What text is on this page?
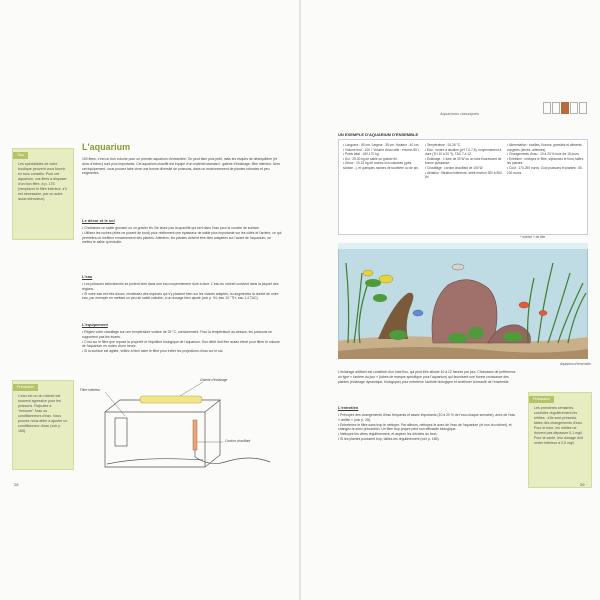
Truc
Les spécialistes de votre boutique peuvent vous fournir en tous conseils. Pour cet aquarium, vos litres à disposer d'un bon filtre, à p. 178 (remplacer le filtre intérieur, s'il est nécessaire, par un autre aussi silencieux).
L'aquarium
100 litres, c'est un bon volume pour un premier aquarium d'ensemble. On peut faire plus petit, mais les risques de déséquilibre (et donc d'échec) sont plus importants. Cet aquarium chauffé est équipé d'un matériel standard : galerie d'éclairage, filtre intérieur. Avec cet équipement, vous pouvez faire vivre une bonne diversité de poissons, dans un environnement de plantes robustes et peu exigeantes.
Le décor et le sol
• Choisissez un sable grossier ou un gravier fin. Ne lavez pas la quantité qui sert dans l'eau pour la couche de surface.
• Utilisez les roches (elles ne posent de bord) pour réellement une épaisseur de sable plus importante sur les côtés et l'arrière, ce qui permettra un meilleur enracinement des plantes. Attention, les plantes doivent être bien adaptées sur l'avant de l'aquarium, ne mettez le sable qu'ensuite.
L'eau
• Les poissons sélectionnés se portent bien dans une eau moyennement dure à dure. L'eau du robinet convient dans la plupart des régions.
• Si votre eau est très douce, choisissez des espèces qui s'y plaisent bien sur les vivants adaptés, ou augmentez la dureté de votre eau, par exemple en mettant un peu de sable calcaire, à un dosage bien ajusté (voir p. 94, eau 10 °TH, eau 1,4 TAC).
L'équipement
• Réglez votre chauffage sur une température voisine de 25 °C, constamment. Pour la température au-dessus, les poissons ne supportent pas les écarts.
• C'est sur le filtre que repose la propreté et l'équilibre biologique de l'aquarium. Son débit doit être assez élevé pour filtrer le volume de l'aquarium en moins d'une heure.
• Si la surface est agitée, veillez à bien caler le filtre pour éviter les projections d'eau sur le sol.
Précaution
L'eau est ou du robinet est souvent agressive pour les poissons. Rajoutez à "mesurer" l'eau ou conditionneurs d'eau. Vous pouvez nous aider à ajouter un conditionneur d'eau (voir p. 185).
Filtre intérieur
Galerie d'éclairage
Cordon chauffant
28
Aquariums classiques
UN EXEMPLE D'AQUARIUM D'ENSEMBLE
• Longueur : 80 cm. Largeur : 35 cm. Hauteur : 40 cm.
• Volume brut : 100 l. Volume d'eau utile : environ 85 l.
• Poids total : 160-170 kg.
• Sol : 25-30 kg de sable ou gravier fin.
• Décor : 10-15 kg de roches non calcaires (grès, schiste...), et quelques racines de tourbière ou de pin.
• Température : 24-26 °C.
• Eau : neutre à alcaline (pH 7,0-7,8), moyennement à dure (TH 10 à 20 °f), TAC 7 à 12.
• Éclairage : 1 tube de 30 W ou un tube fluorescent de bonne puissance.
• Chauffage : cordon chauffant de 100 W.
• Aération : filtration intérieure, débit environ 300 à 500 l/h.
• Alimentation : écailles, flocons, granulés et aliments congelés (larves, artémies).
• Changements d'eau : 10 à 20 % tous les 15 jours.
• Entretien : nettoyez le filtre, siphonnez le fond, taillez les plantes.
• Coût : 170-250 euros. Coût poissons et plantes : 80-100 euros.
* montre « de tôle
Aquarium d'ensemble
L'éclairage artificiel est constitué d'un tube fluo, qui peut être allumé 10 à 12 heures par jour. Choisissez de préférence un type « lumière du jour » (tubes de marque spécifique pour l'aquarium) qui favorisent une bonne croissance des plantes (éclairage dynamique, biologique) pour entretenir l'activité biologique et améliorer la beauté de l'ensemble.
L'entretien
• Prévoyez des changements d'eau fréquents et assez importants (10 à 20 % de l'eau chaque semaine), avec de l'eau « vieillie » (voir p. 28).
• Entretenez le filtre sans trop le nettoyer. Par ailleurs, nettoyez-le avec de l'eau de l'aquarium (et non du robinet), et changez-le avec précaution. Un filtre trop propre perd son efficacité biologique.
• Nettoyez les vitres régulièrement, et aspirez les déchets du fond.
• Si les plantes poussent trop, taillez-les régulièrement (voir p. 165).
Précaution
Les premières semaines, contrôlez régulièrement les nitrites : s'ils sont présents, faites des changements d'eau. Pour le tube, les nitrites ne doivent pas dépasser 0,1 mg/l. Pour la santé, leur dosage doit rester inférieur à 0,5 mg/l.
29
